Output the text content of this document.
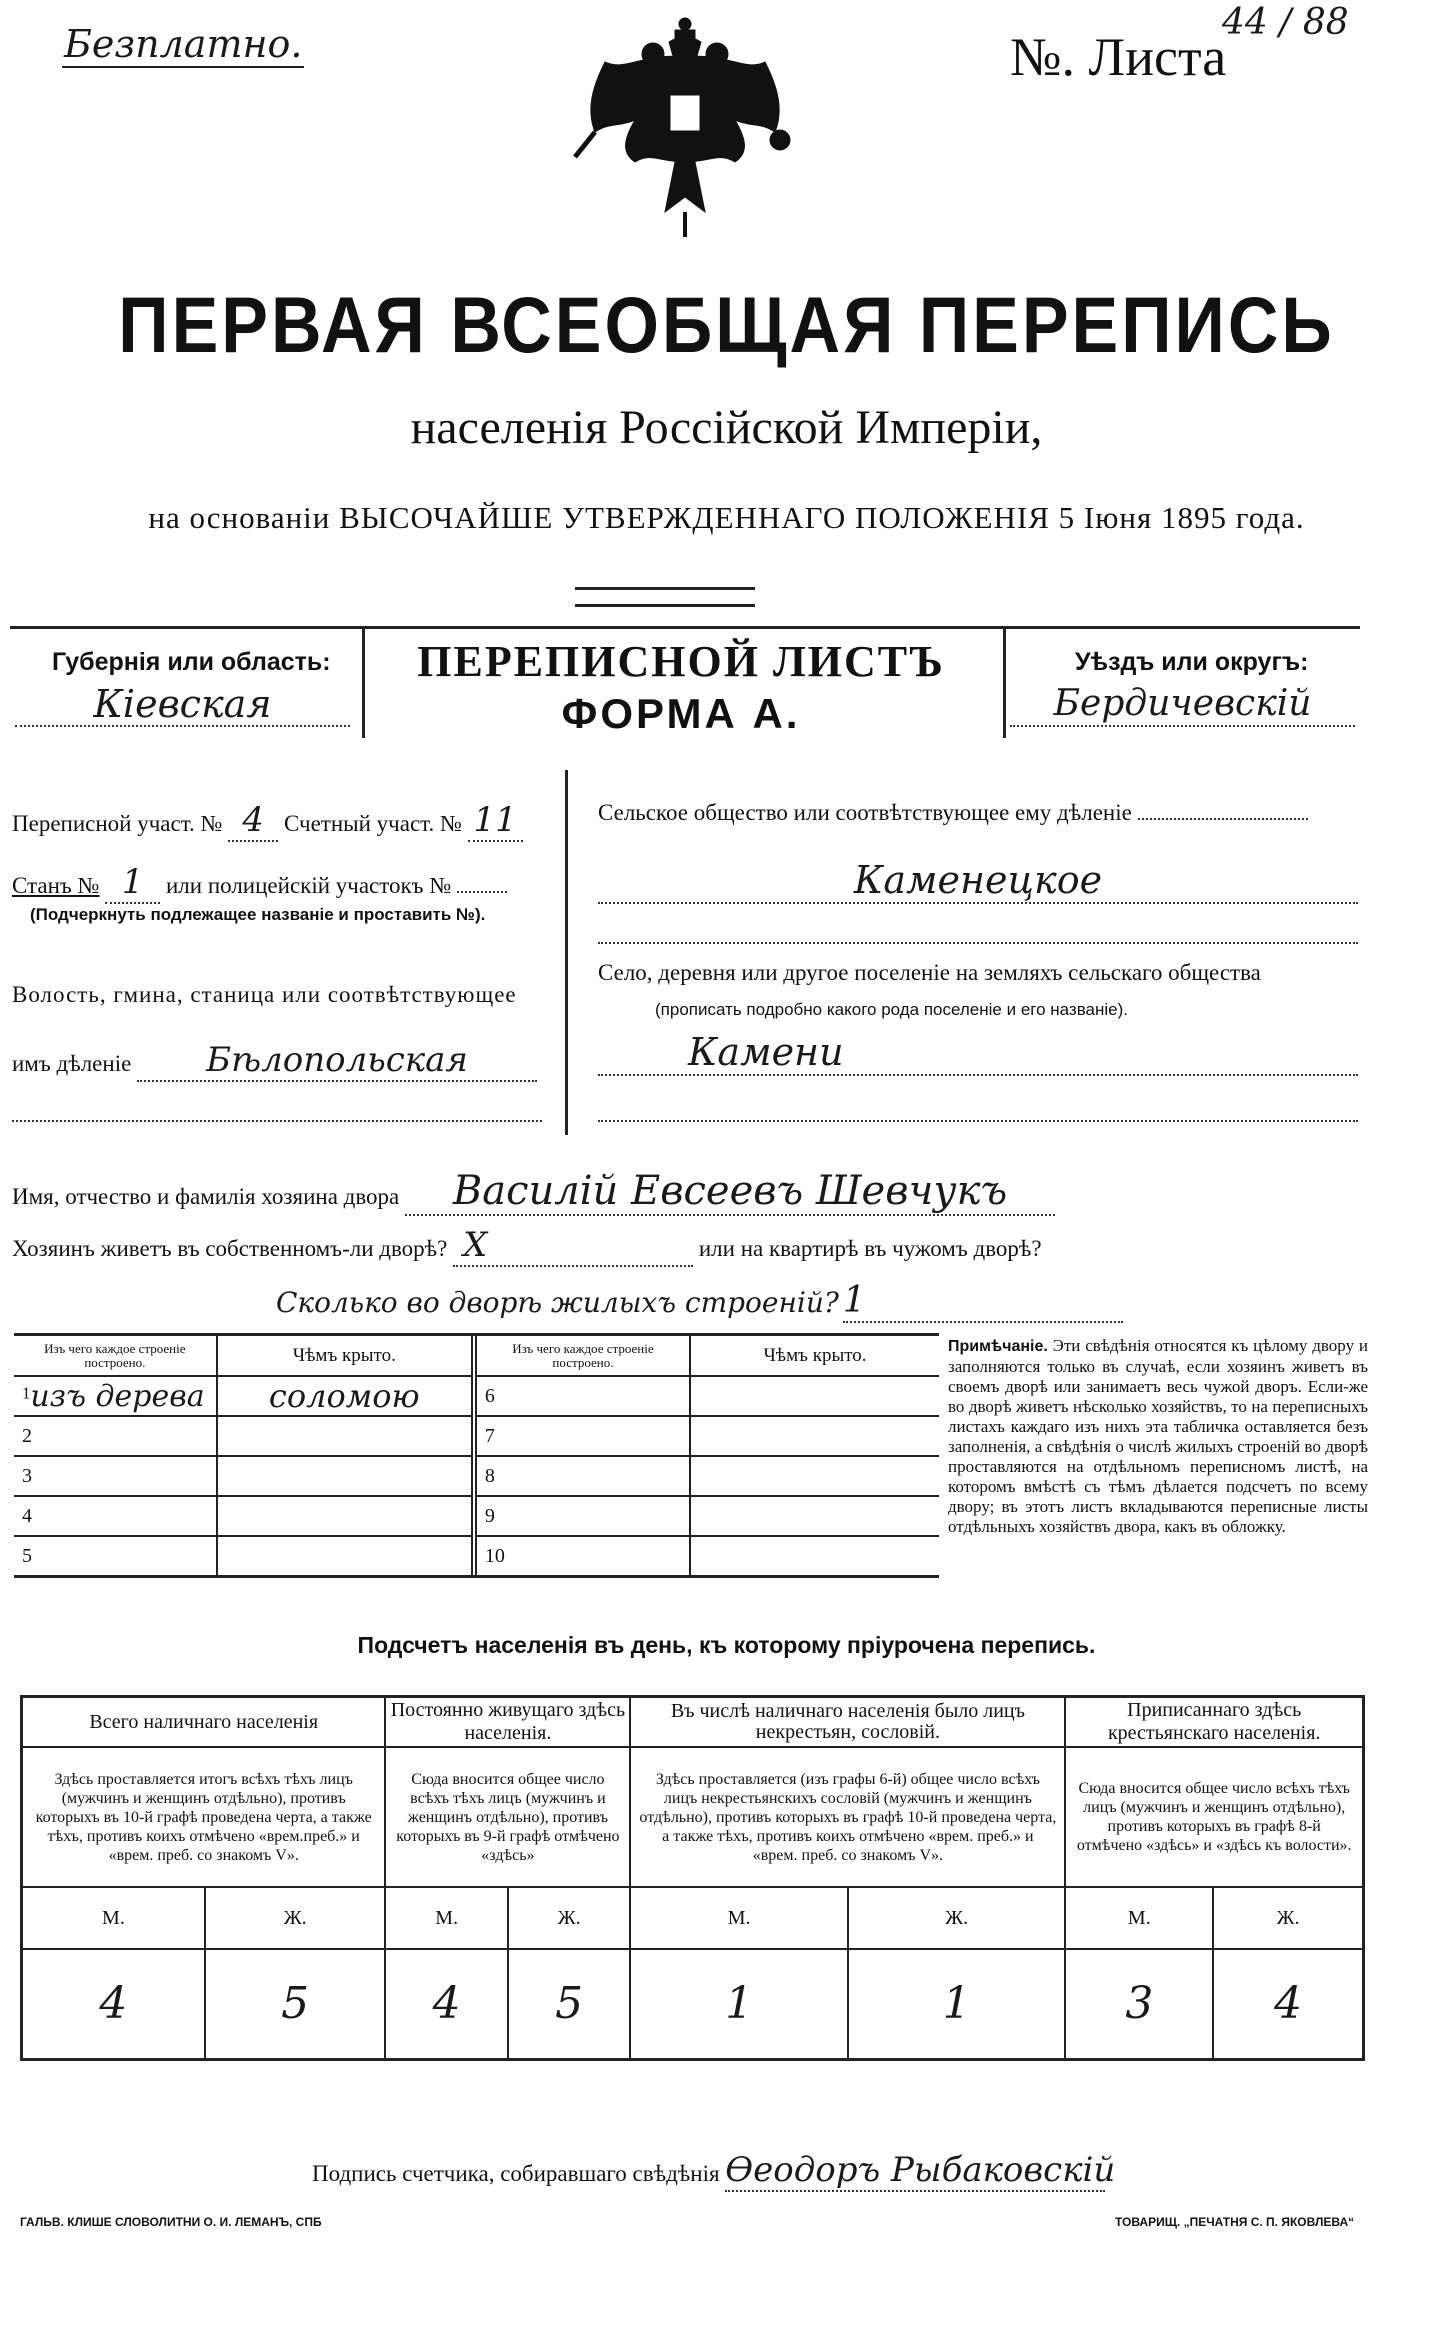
Безплатно.	№. Листа
44 / 88
ПЕРВАЯ ВСЕОБЩАЯ ПЕРЕПИСЬ
населенія Россійской Имперіи,
на основаніи ВЫСОЧАЙШЕ УТВЕРЖДЕННАГО ПОЛОЖЕНІЯ 5 Іюня 1895 года.
Губернія или область:
Кіевская
ПЕРЕПИСНОЙ ЛИСТЪ
ФОРМА А.
Уѣздъ или округъ:
Бердичевскій
Переписной участ. № 4 Счетный участ. № 11
Станъ № 1 или полицейскій участокъ №
(Подчеркнуть подлежащее названіе и проставить №).
Волость, гмина, станица или соотвѣтствующее
имъ дѣленіе Бѣлопольская
Сельское общество или соотвѣтствующее ему дѣленіе
Каменецкое
Село, деревня или другое поселеніе на земляхъ сельскаго общества
(прописать подробно какого рода поселеніе и его названіе).
Камени
Имя, отчество и фамилія хозяина двора Василій Евсеевъ Шевчукъ
Хозяинъ живетъ въ собственномъ-ли дворѣ? X	или на квартирѣ въ чужомъ дворѣ?
Сколько во дворѣ жилыхъ строеній? 1
Изъ чего каждое строеніе построено.	Чѣмъ крыто.	Изъ чего каждое строеніе построено.	Чѣмъ крыто.
$^1$изъ дерева	соломою	6	
2		7	
3		8	
4		9	
5		10	
Примѣчаніе. Эти свѣдѣнія относятся къ цѣлому двору и заполняются только въ случаѣ, если хозяинъ живетъ въ своемъ дворѣ или занимаетъ весь чужой дворъ. Если-же во дворѣ живетъ нѣсколько хозяйствъ, то на переписныхъ листахъ каждаго изъ нихъ эта табличка оставляется безъ заполненія, а свѣдѣнія о числѣ жилыхъ строеній во дворѣ проставляются на отдѣльномъ переписномъ листѣ, на которомъ вмѣстѣ съ тѣмъ дѣлается подсчетъ по всему двору; въ этотъ листъ вкладываются переписные листы отдѣльныхъ хозяйствъ двора, какъ въ обложку.
Подсчетъ населенія въ день, къ которому пріурочена перепись.
Всего наличнаго населенія		Постоянно живущаго здѣсь населенія.		Въ числѣ наличнаго населенія было лицъ некрестьян, сословій.		Приписаннаго здѣсь крестьянскаго населенія.	
Здѣсь проставляется итогъ всѣхъ тѣхъ лицъ (мужчинъ и женщинъ отдѣльно), противъ которыхъ въ 10-й графѣ проведена черта, а также тѣхъ, противъ коихъ отмѣчено «врем.преб.» и «врем. преб. со знакомъ V».		Сюда вносится общее число всѣхъ тѣхъ лицъ (мужчинъ и женщинъ отдѣльно), противъ которыхъ въ 9-й графѣ отмѣчено «здѣсь»		Здѣсь проставляется (изъ графы 6-й) общее число всѣхъ лицъ некрестьянскихъ сословій (мужчинъ и женщинъ отдѣльно), противъ которыхъ въ графѣ 10-й проведена черта, а также тѣхъ, противъ коихъ отмѣчено «врем. преб.» и «врем. преб. со знакомъ V».		Сюда вносится общее число всѣхъ тѣхъ лицъ (мужчинъ и женщинъ отдѣльно), противъ которыхъ въ графѣ 8-й отмѣчено «здѣсь» и «здѣсь къ волости».	
М.	Ж.	М.	Ж.	М.	Ж.	М.	Ж.
4	5	4	5	1	1	3	4
Подпись счетчика, собиравшаго свѣдѣнія Ѳеодоръ Рыбаковскій
ГАЛЬВ. КЛИШЕ СЛОВОЛИТНИ О. И. ЛЕМАНЪ, СПБ	ТОВАРИЩ. „ПЕЧАТНЯ С. П. ЯКОВЛЕВА“
